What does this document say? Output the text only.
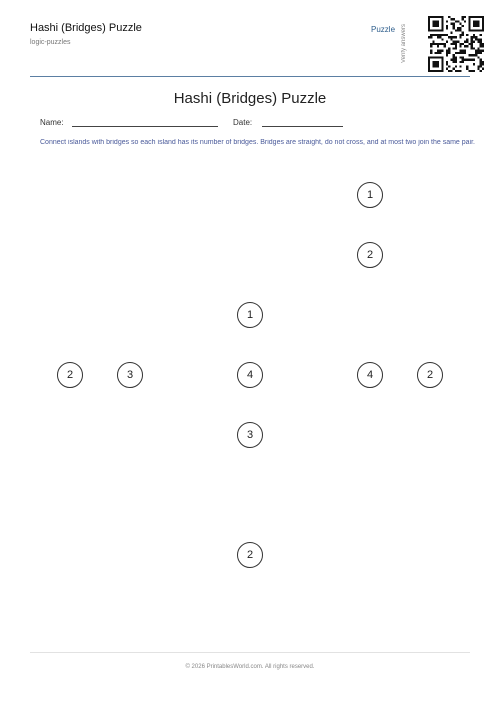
Hashi (Bridges) Puzzle
logic-puzzles
Puzzle Verify answers
Hashi (Bridges) Puzzle
Name:	Date:
Connect islands with bridges so each island has its number of bridges. Bridges are straight, do not cross, and at most two join the same pair.
1
2
1
2	3	4	4	2
3
2
© 2026 PrintablesWorld.com. All rights reserved.
